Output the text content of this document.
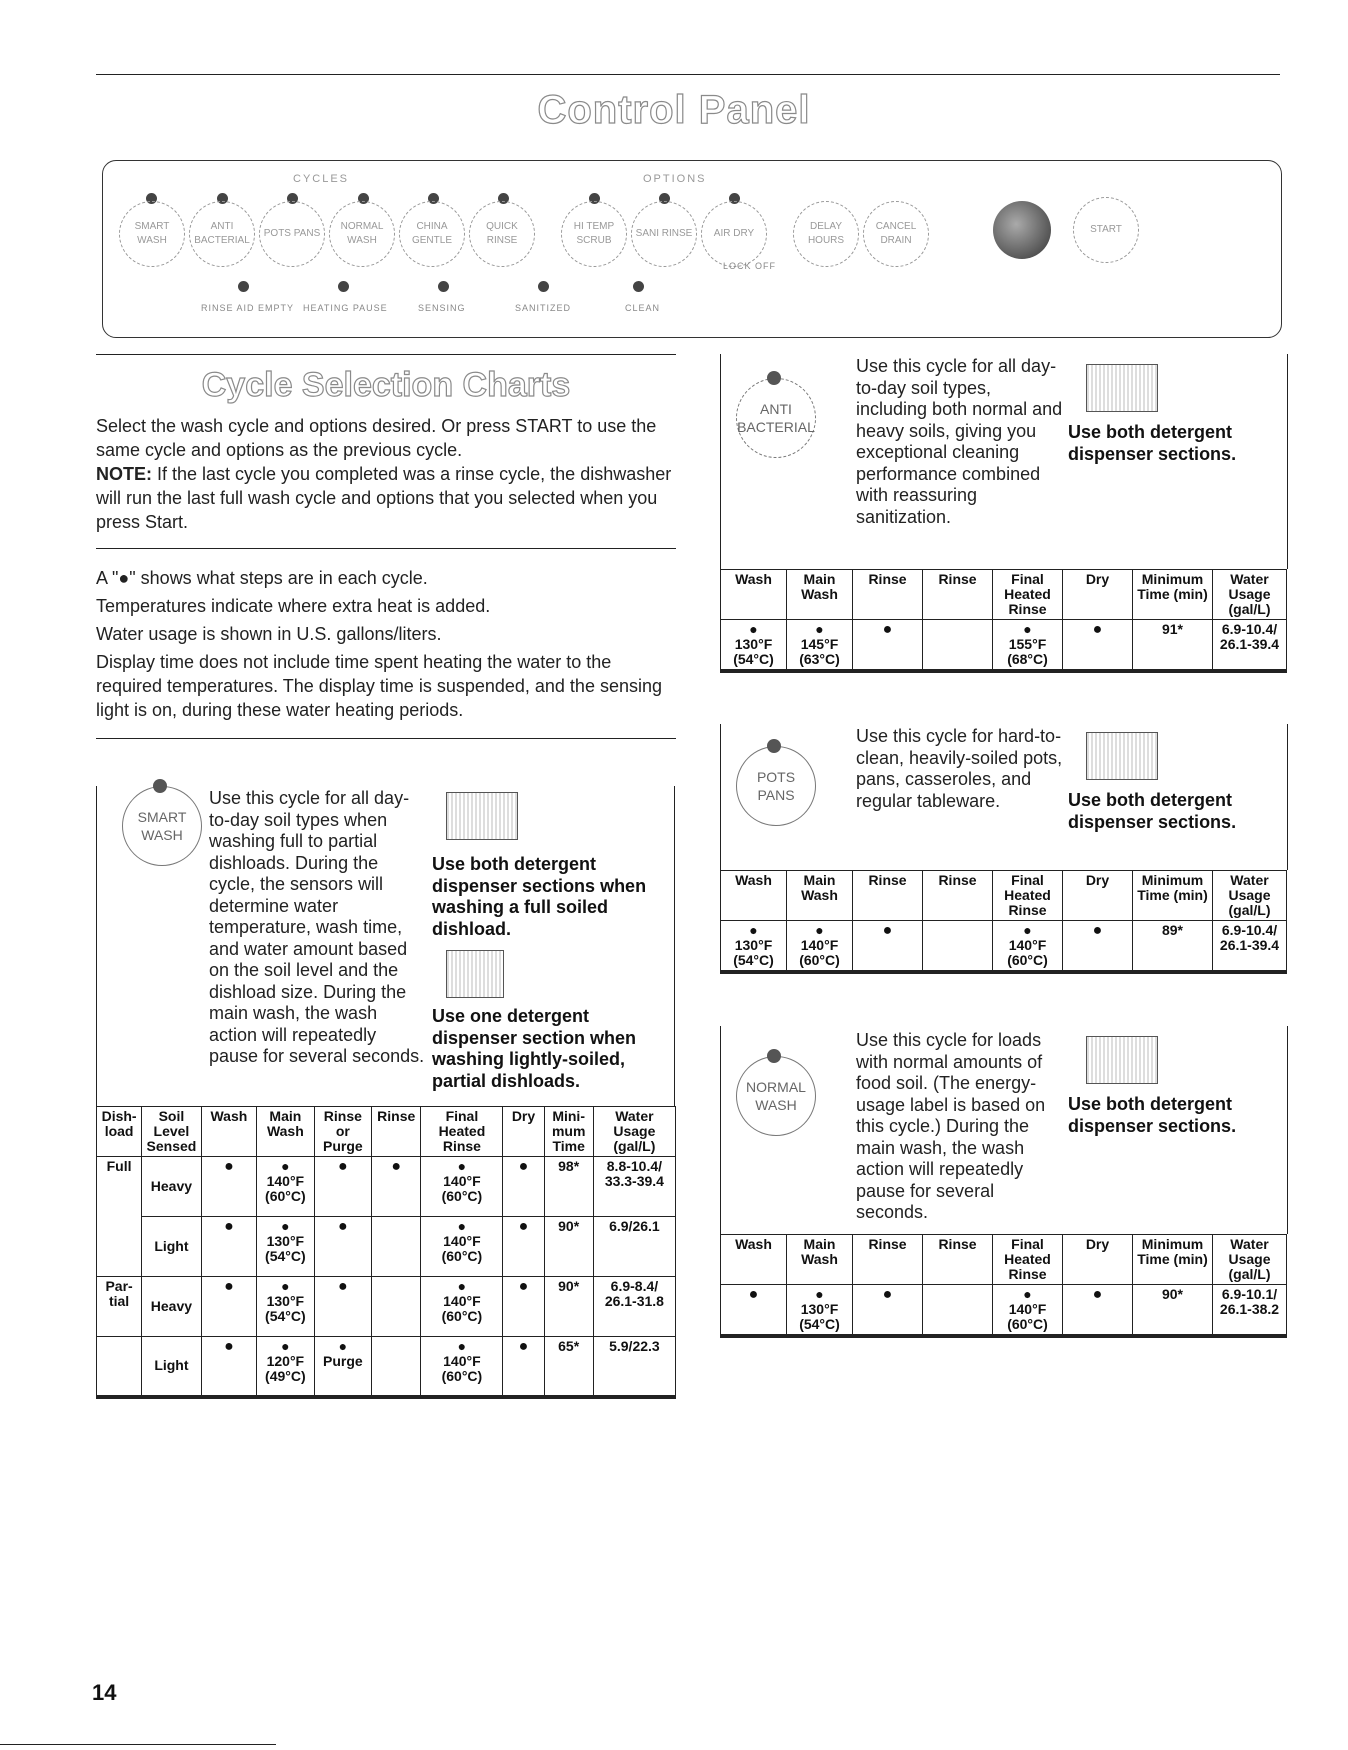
Control Panel
CYCLES	OPTIONS
SMART WASH
ANTI BACTERIAL
POTS PANS
NORMAL WASH
CHINA GENTLE
QUICK RINSE
HI TEMP SCRUB
SANI RINSE	AIR DRY
LOCK OFF
DELAY HOURS
CANCEL DRAIN
START
RINSE AID EMPTY HEATING PAUSE	SENSING	SANITIZED	CLEAN
Cycle Selection Charts
Select the wash cycle and options desired. Or press START to use the same cycle and options as the previous cycle.
NOTE: If the last cycle you completed was a rinse cycle, the dishwasher will run the last full wash cycle and options that you selected when you press Start.
A "●" shows what steps are in each cycle.
Temperatures indicate where extra heat is added.
Water usage is shown in U.S. gallons/liters.
Display time does not include time spent heating the water to the required temperatures. The display time is suspended, and the sensing light is on, during these water heating periods.
SMART WASH
Use this cycle for all day-to-day soil types when washing full to partial dishloads. During the cycle, the sensors will determine water temperature, wash time, and water amount based on the soil level and the dishload size. During the main wash, the wash action will repeatedly pause for several seconds.
Use both detergent dispenser sections when washing a full soiled dishload.
Use one detergent dispenser section when washing lightly-soiled, partial dishloads.
Dish-load	Soil Level Sensed	Wash	Main Wash	Rinse or Purge	Rinse	Final Heated Rinse	Dry	Mini-mum Time	Water Usage (gal/L)
Full	Heavy	●	●
140°F
(60°C)	●	●	●
140°F
(60°C)	●	98*	8.8-10.4/
33.3-39.4
	Light	●	●
130°F
(54°C)	●		●
140°F
(60°C)	●	90*	6.9/26.1
Par-tial	Heavy	●	●
130°F
(54°C)	●		●
140°F
(60°C)	●	90*	6.9-8.4/
26.1-31.8
	Light	●	●
120°F
(49°C)	●
Purge		●
140°F
(60°C)	●	65*	5.9/22.3
ANTI BACTERIAL
Use this cycle for all day-to-day soil types, including both normal and heavy soils, giving you exceptional cleaning performance combined with reassuring sanitization.
Use both detergent dispenser sections.
Wash	Main Wash	Rinse	Rinse	Final Heated Rinse	Dry	Minimum Time (min)	Water Usage (gal/L)
●
130°F
(54°C)	●
145°F
(63°C)	●		●
155°F
(68°C)	●	91*	6.9-10.4/
26.1-39.4
POTS PANS
Use this cycle for hard-to-clean, heavily-soiled pots, pans, casseroles, and regular tableware.	Use both detergent dispenser sections.
Wash	Main Wash	Rinse	Rinse	Final Heated Rinse	Dry	Minimum Time (min)	Water Usage (gal/L)
●
130°F
(54°C)	●
140°F
(60°C)	●		●
140°F
(60°C)	●	89*	6.9-10.4/
26.1-39.4
NORMAL WASH
Use this cycle for loads with normal amounts of food soil. (The energy-usage label is based on this cycle.) During the main wash, the wash action will repeatedly pause for several seconds.
Use both detergent dispenser sections.
Wash	Main Wash	Rinse	Rinse	Final Heated Rinse	Dry	Minimum Time (min)	Water Usage (gal/L)
●	●
130°F
(54°C)	●		●
140°F
(60°C)	●	90*	6.9-10.1/
26.1-38.2
14
